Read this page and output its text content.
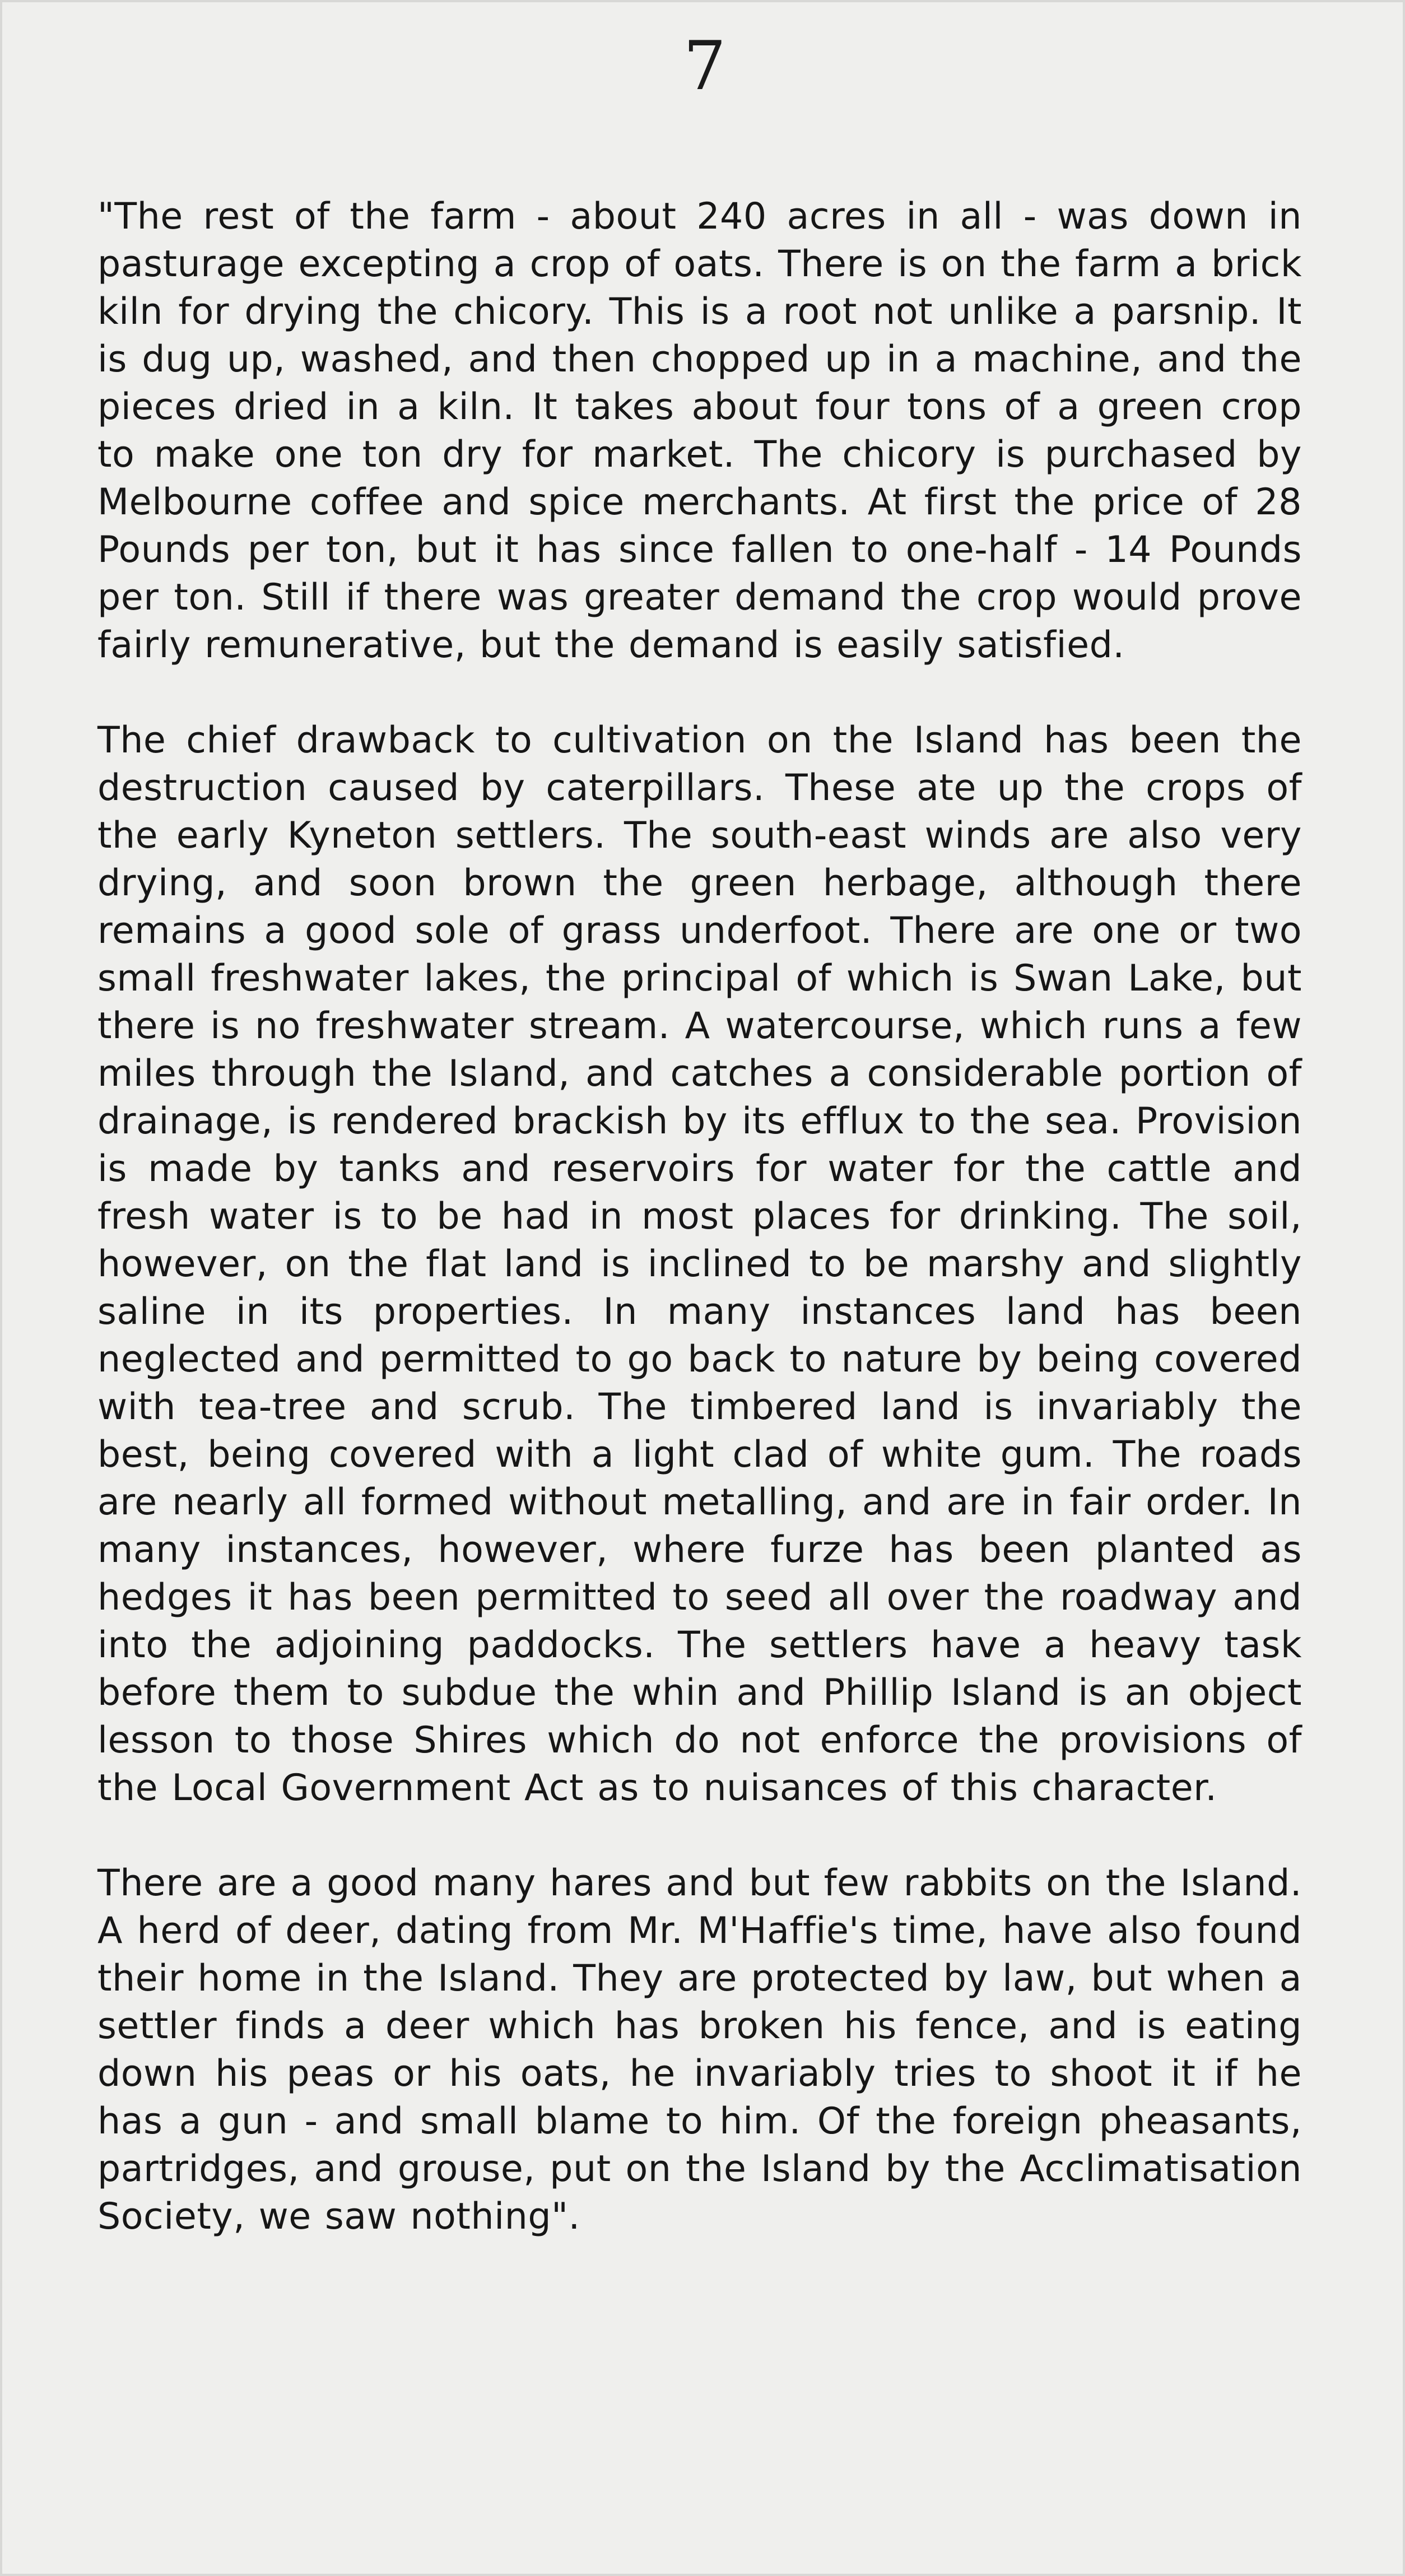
7

"The rest of the farm - about 240 acres in all - was down in pasturage excepting a crop of oats. There is on the farm a brick kiln for drying the chicory. This is a root not unlike a parsnip. It is dug up, washed, and then chopped up in a machine, and the pieces dried in a kiln. It takes about four tons of a green crop to make one ton dry for market. The chicory is purchased by Melbourne coffee and spice merchants. At first the price of 28 Pounds per ton, but it has since fallen to one-half - 14 Pounds per ton. Still if there was greater demand the crop would prove fairly remunerative, but the demand is easily satisfied.

The chief drawback to cultivation on the Island has been the destruction caused by caterpillars. These ate up the crops of the early Kyneton settlers. The south-east winds are also very drying, and soon brown the green herbage, although there remains a good sole of grass underfoot. There are one or two small freshwater lakes, the principal of which is Swan Lake, but there is no freshwater stream. A watercourse, which runs a few miles through the Island, and catches a considerable portion of drainage, is rendered brackish by its efflux to the sea. Provision is made by tanks and reservoirs for water for the cattle and fresh water is to be had in most places for drinking. The soil, however, on the flat land is inclined to be marshy and slightly saline in its properties. In many instances land has been neglected and permitted to go back to nature by being covered with tea-tree and scrub. The timbered land is invariably the best, being covered with a light clad of white gum. The roads are nearly all formed without metalling, and are in fair order. In many instances, however, where furze has been planted as hedges it has been permitted to seed all over the roadway and into the adjoining paddocks. The settlers have a heavy task before them to subdue the whin and Phillip Island is an object lesson to those Shires which do not enforce the provisions of the Local Government Act as to nuisances of this character.

There are a good many hares and but few rabbits on the Island. A herd of deer, dating from Mr. M'Haffie's time, have also found their home in the Island. They are protected by law, but when a settler finds a deer which has broken his fence, and is eating down his peas or his oats, he invariably tries to shoot it if he has a gun - and small blame to him. Of the foreign pheasants, partridges, and grouse, put on the Island by the Acclimatisation Society, we saw nothing".
